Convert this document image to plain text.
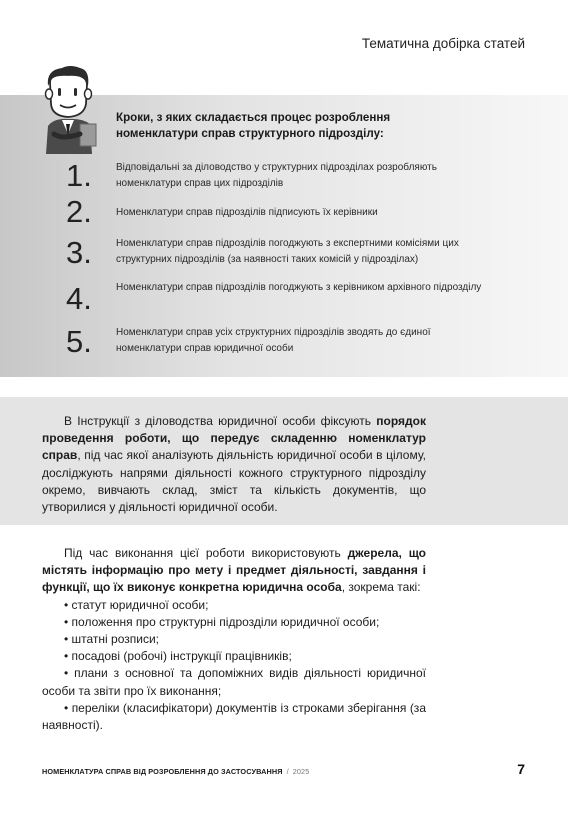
Тематична добірка статей
Кроки, з яких складається процес розроблення номенклатури справ структурного підрозділу:
1.	Відповідальні за діловодство у структурних підрозділах розробляють номенклатури справ цих підрозділів
2.	Номенклатури справ підрозділів підписують їх керівники
3.	Номенклатури справ підрозділів погоджують з експертними комісіями цих структурних підрозділів (за наявності таких комісій у підрозділах)
4.	Номенклатури справ підрозділів погоджують з керівником архівного підрозділу
5.	Номенклатури справ усіх структурних підрозділів зводять до єдиної номенклатури справ юридичної особи
В Інструкції з діловодства юридичної особи фіксують порядок проведення роботи, що передує складенню номенклатур справ, під час якої аналізують діяльність юридичної особи в цілому, досліджують напрями діяльності кожного структурного підрозділу окремо, вивчають склад, зміст та кількість документів, що утворилися у діяльності юридичної особи.
Під час виконання цієї роботи використовують джерела, що містять інформацію про мету і предмет діяльності, завдання і функції, що їх виконує конкретна юридична особа, зокрема такі:
• статут юридичної особи;
• положення про структурні підрозділи юридичної особи;
• штатні розписи;
• посадові (робочі) інструкції працівників;
• плани з основної та допоміжних видів діяльності юридичної особи та звіти про їх виконання;
• переліки (класифікатори) документів із строками зберігання (за наявності).
НОМЕНКЛАТУРА СПРАВ ВІД РОЗРОБЛЕННЯ ДО ЗАСТОСУВАННЯ / 2025	7
